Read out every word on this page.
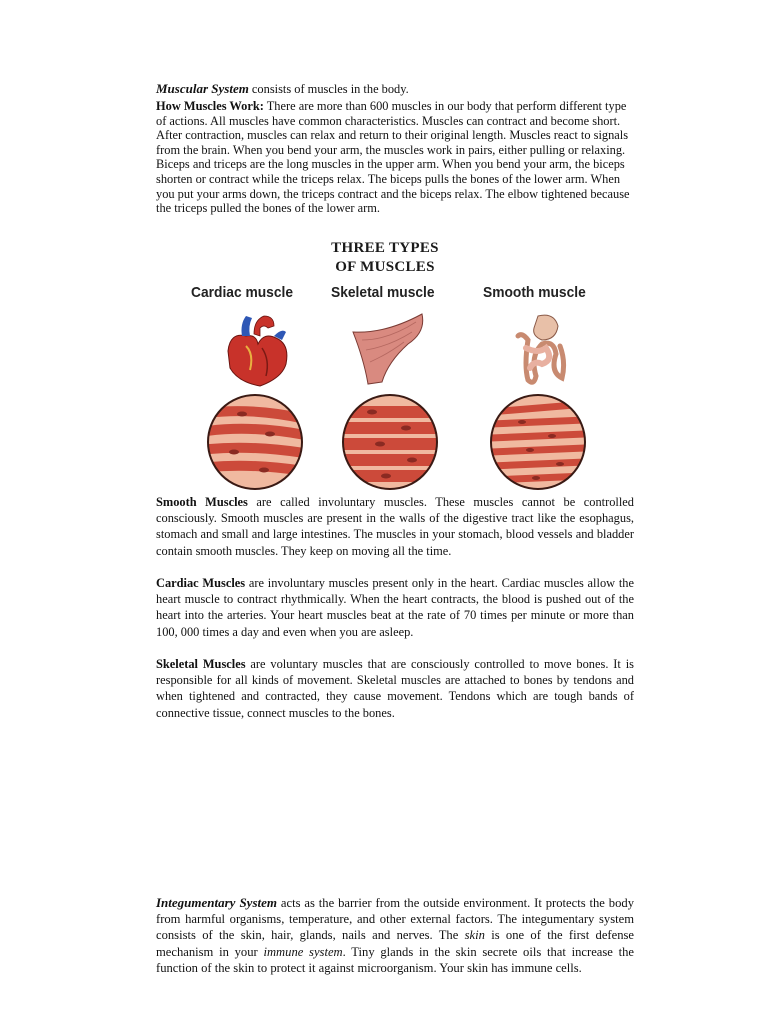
Muscular System consists of muscles in the body.
How Muscles Work: There are more than 600 muscles in our body that perform different type of actions. All muscles have common characteristics. Muscles can contract and become short. After contraction, muscles can relax and return to their original length. Muscles react to signals from the brain. When you bend your arm, the muscles work in pairs, either pulling or relaxing. Biceps and triceps are the long muscles in the upper arm. When you bend your arm, the biceps shorten or contract while the triceps relax. The biceps pulls the bones of the lower arm. When you put your arms down, the triceps contract and the biceps relax. The elbow tightened because the triceps pulled the bones of the lower arm.
THREE TYPES
OF MUSCLES
Cardiac muscle	Skeletal muscle	Smooth muscle
Smooth Muscles are called involuntary muscles. These muscles cannot be controlled consciously. Smooth muscles are present in the walls of the digestive tract like the esophagus, stomach and small and large intestines. The muscles in your stomach, blood vessels and bladder contain smooth muscles. They keep on moving all the time.
Cardiac Muscles are involuntary muscles present only in the heart. Cardiac muscles allow the heart muscle to contract rhythmically. When the heart contracts, the blood is pushed out of the heart into the arteries. Your heart muscles beat at the rate of 70 times per minute or more than 100, 000 times a day and even when you are asleep.
Skeletal Muscles are voluntary muscles that are consciously controlled to move bones. It is responsible for all kinds of movement. Skeletal muscles are attached to bones by tendons and when tightened and contracted, they cause movement. Tendons which are tough bands of connective tissue, connect muscles to the bones.
Integumentary System acts as the barrier from the outside environment. It protects the body from harmful organisms, temperature, and other external factors. The integumentary system consists of the skin, hair, glands, nails and nerves. The skin is one of the first defense mechanism in your immune system. Tiny glands in the skin secrete oils that increase the function of the skin to protect it against microorganism. Your skin has immune cells.
